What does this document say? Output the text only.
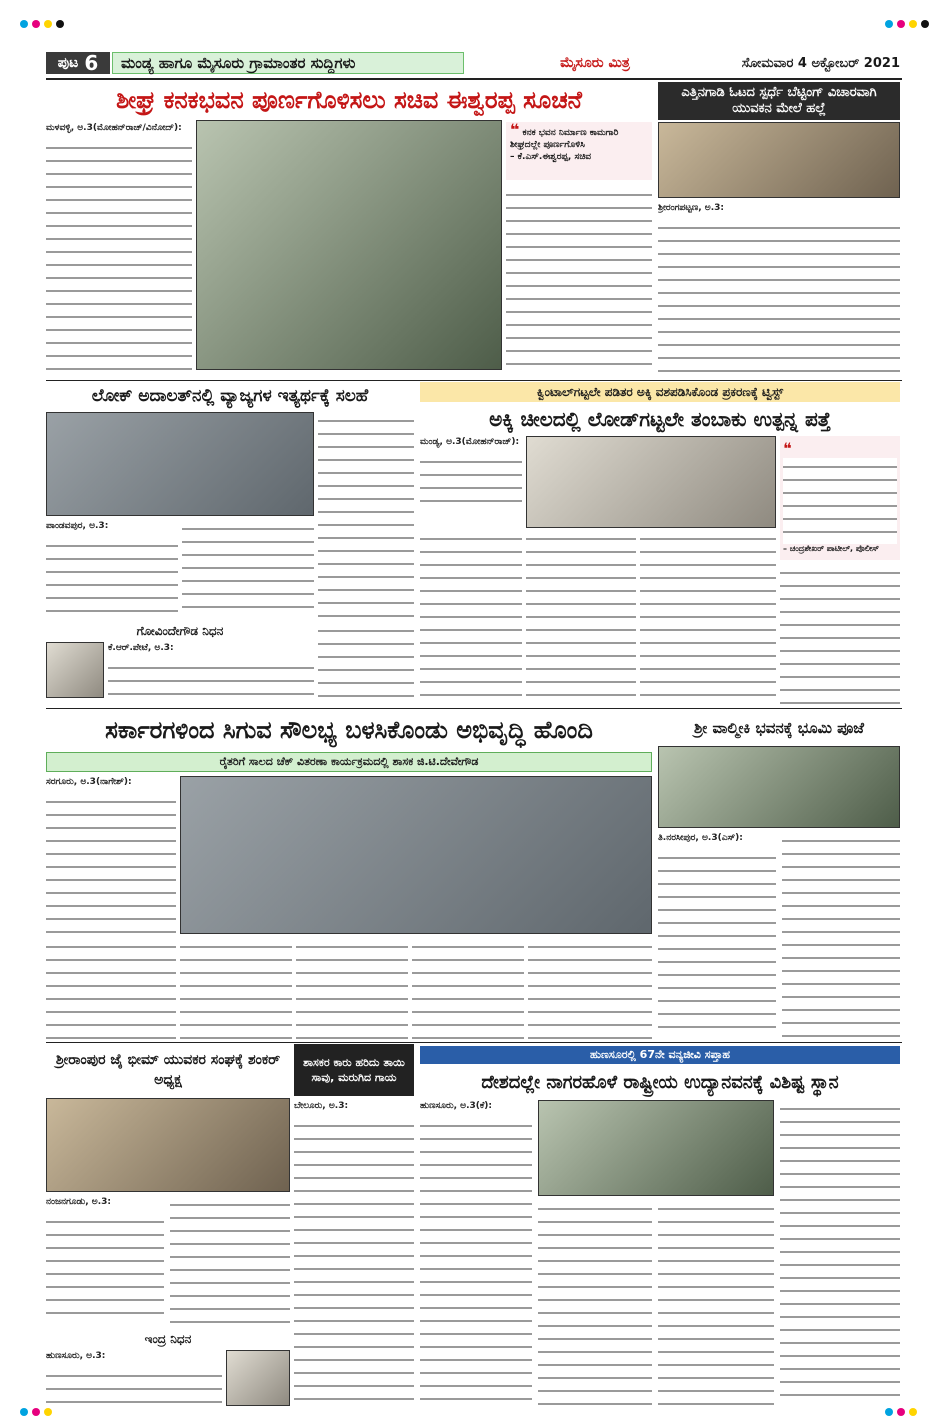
ಪುಟ 6	ಮಂಡ್ಯ ಹಾಗೂ ಮೈಸೂರು ಗ್ರಾಮಾಂತರ ಸುದ್ದಿಗಳು	ಮೈಸೂರು ಮಿತ್ರ	ಸೋಮವಾರ 4 ಅಕ್ಟೋಬರ್ 2021
ಶೀಘ್ರ ಕನಕಭವನ ಪೂರ್ಣಗೊಳಿಸಲು ಸಚಿವ ಈಶ್ವರಪ್ಪ ಸೂಚನೆ

ಮಳವಳ್ಳಿ, ಅ.3(ಮೋಹನ್‌ರಾಜ್/ವಿನೋದ್):	❝ ಕನಕ ಭವನ ನಿರ್ಮಾಣ ಕಾಮಗಾರಿ ಶೀಘ್ರದಲ್ಲೇ ಪೂರ್ಣಗೊಳಿಸಿ
– ಕೆ.ಎಸ್.ಈಶ್ವರಪ್ಪ, ಸಚಿವ
ಎತ್ತಿನಗಾಡಿ ಓಟದ ಸ್ಪರ್ಧೆ ಬೆಟ್ಟಿಂಗ್ ವಿಚಾರವಾಗಿ ಯುವಕನ ಮೇಲೆ ಹಲ್ಲೆ

ಶ್ರೀರಂಗಪಟ್ಟಣ, ಅ.3:

ಲೋಕ್ ಅದಾಲತ್‌ನಲ್ಲಿ ವ್ಯಾಜ್ಯಗಳ ಇತ್ಯರ್ಥಕ್ಕೆ ಸಲಹೆ

ಪಾಂಡವಪುರ, ಅ.3:

ಗೋವಿಂದೇಗೌಡ ನಿಧನ

ಕೆ.ಆರ್.ಪೇಟೆ, ಅ.3:

ಕ್ವಿಂಟಾಲ್‌ಗಟ್ಟಲೇ ಪಡಿತರ ಅಕ್ಕಿ ವಶಪಡಿಸಿಕೊಂಡ ಪ್ರಕರಣಕ್ಕೆ ಟ್ವಿಸ್ಟ್
ಅಕ್ಕಿ ಚೀಲದಲ್ಲಿ ಲೋಡ್‌ಗಟ್ಟಲೇ ತಂಬಾಕು ಉತ್ಪನ್ನ ಪತ್ತೆ

ಮಂಡ್ಯ, ಅ.3(ಮೋಹನ್‌ರಾಜ್):	❝
– ಚಂದ್ರಶೇಖರ್ ಪಾಟೀಲ್, ಪೊಲೀಸ್
ಸರ್ಕಾರಗಳಿಂದ ಸಿಗುವ ಸೌಲಭ್ಯ ಬಳಸಿಕೊಂಡು ಅಭಿವೃದ್ಧಿ ಹೊಂದಿ
ರೈತರಿಗೆ ಸಾಲದ ಚೆಕ್ ವಿತರಣಾ ಕಾರ್ಯಕ್ರಮದಲ್ಲಿ ಶಾಸಕ ಜಿ.ಟಿ.ದೇವೇಗೌಡ

ಸರಗೂರು, ಅ.3(ನಾಗೇಶ್):

ಶ್ರೀ ವಾಲ್ಮೀಕಿ ಭವನಕ್ಕೆ ಭೂಮಿ ಪೂಜೆ

ತಿ.ನರಸೀಪುರ, ಅ.3(ಎಸ್):

ಶ್ರೀರಾಂಪುರ ಜೈ ಭೀಮ್ ಯುವಕರ ಸಂಘಕ್ಕೆ ಶಂಕರ್ ಅಧ್ಯಕ್ಷ

ನಂಜನಗೂಡು, ಅ.3:

ಇಂದ್ರ ನಿಧನ

ಹುಣಸೂರು, ಅ.3:

ಶಾಸಕರ ಕಾರು ಹರಿದು ತಾಯಿ ಸಾವು, ಮರುಗಿದ ಗಾಯ

ಬೇಲೂರು, ಅ.3:

ಹುಣಸೂರಲ್ಲಿ 67ನೇ ವನ್ಯಜೀವಿ ಸಪ್ತಾಹ
ದೇಶದಲ್ಲೇ ನಾಗರಹೊಳೆ ರಾಷ್ಟ್ರೀಯ ಉದ್ಯಾನವನಕ್ಕೆ ವಿಶಿಷ್ಟ ಸ್ಥಾನ

ಹುಣಸೂರು, ಅ.3(ಕೆ):
